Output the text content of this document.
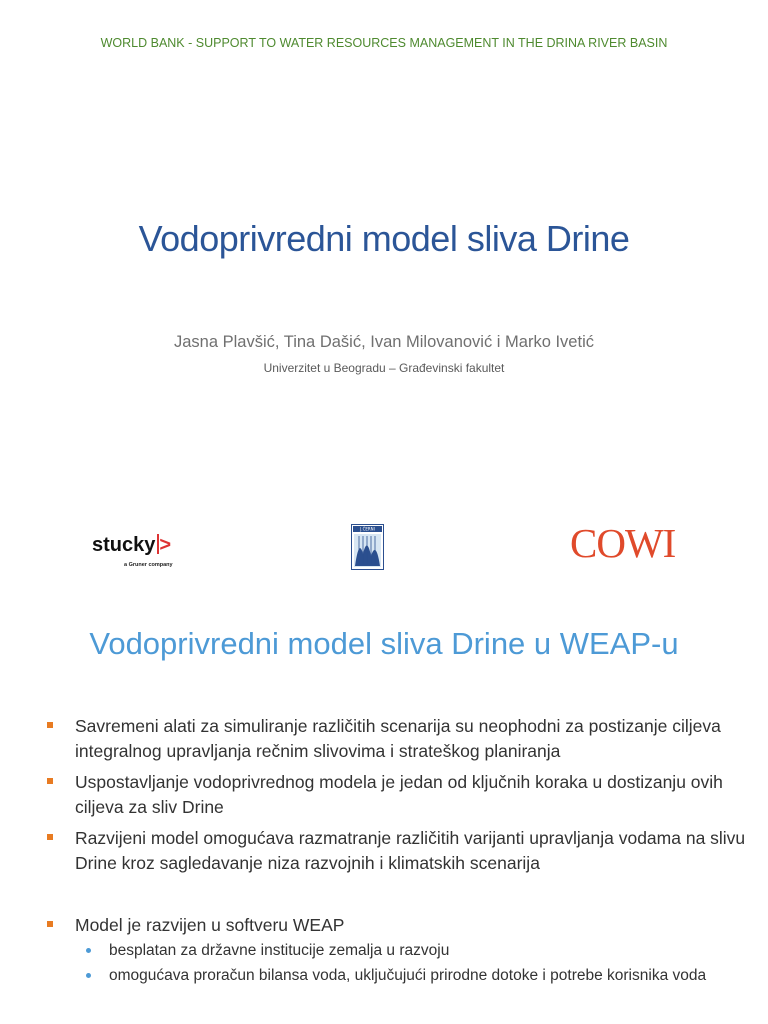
WORLD BANK - SUPPORT TO WATER RESOURCES MANAGEMENT IN THE DRINA RIVER BASIN
Vodoprivredni model sliva Drine
Jasna Plavšić, Tina Dašić, Ivan Milovanović i Marko Ivetić
Univerzitet u Beogradu – Građevinski fakultet
stucky >
a Gruner company
J.ČERNI	COWI
Vodoprivredni model sliva Drine u WEAP-u
Savremeni alati za simuliranje različitih scenarija su neophodni za postizanje ciljeva integralnog upravljanja rečnim slivovima i strateškog planiranja
Uspostavljanje vodoprivrednog modela je jedan od ključnih koraka u dostizanju ovih ciljeva za sliv Drine
Razvijeni model omogućava razmatranje različitih varijanti upravljanja vodama na slivu Drine kroz sagledavanje niza razvojnih i klimatskih scenarija
Model je razvijen u softveru WEAP
besplatan za državne institucije zemalja u razvoju
omogućava proračun bilansa voda, uključujući prirodne dotoke i potrebe korisnika voda
